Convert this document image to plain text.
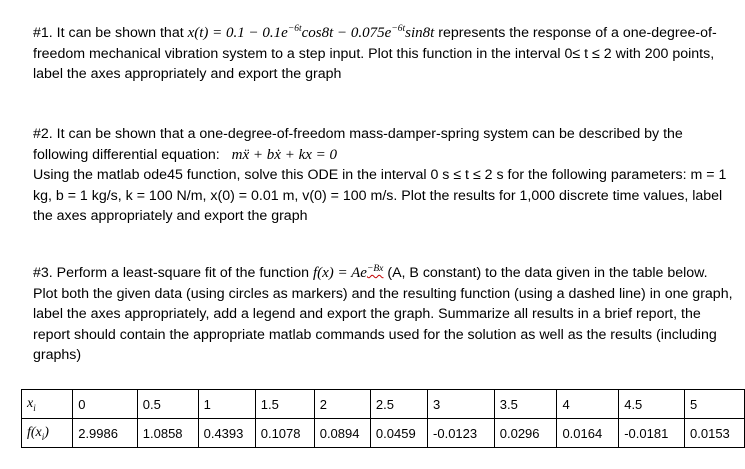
#1. It can be shown that $x(t) = 0.1 - 0.1e^{-6t}\cos 8t - 0.075e^{-6t}\sin 8t$ represents the response of a one-degree-of-freedom mechanical vibration system to a step input. Plot this function in the interval 0≤ t ≤ 2 with 200 points, label the axes appropriately and export the graph

#2. It can be shown that a one-degree-of-freedom mass-damper-spring system can be described by the following differential equation: mẍ + bẋ + kx = 0
Using the matlab ode45 function, solve this ODE in the interval 0 s ≤ t ≤ 2 s for the following parameters: m = 1 kg, b = 1 kg/s, k = 100 N/m, x(0) = 0.01 m, v(0) = 100 m/s. Plot the results for 1,000 discrete time values, label the axes appropriately and export the graph

#3. Perform a least-square fit of the function $f(x) = Ae^{-Bx}$ (A, B constant) to the data given in the table below. Plot both the given data (using circles as markers) and the resulting function (using a dashed line) in one graph, label the axes appropriately, add a legend and export the graph. Summarize all results in a brief report, the report should contain the appropriate matlab commands used for the solution as well as the results (including graphs)

$x_i$	0	0.5	1	1.5	2	2.5	3	3.5	4	4.5	5
$f(x_i)$	2.9986	1.0858	0.4393	0.1078	0.0894	0.0459	-0.0123	0.0296	0.0164	-0.0181	0.0153
